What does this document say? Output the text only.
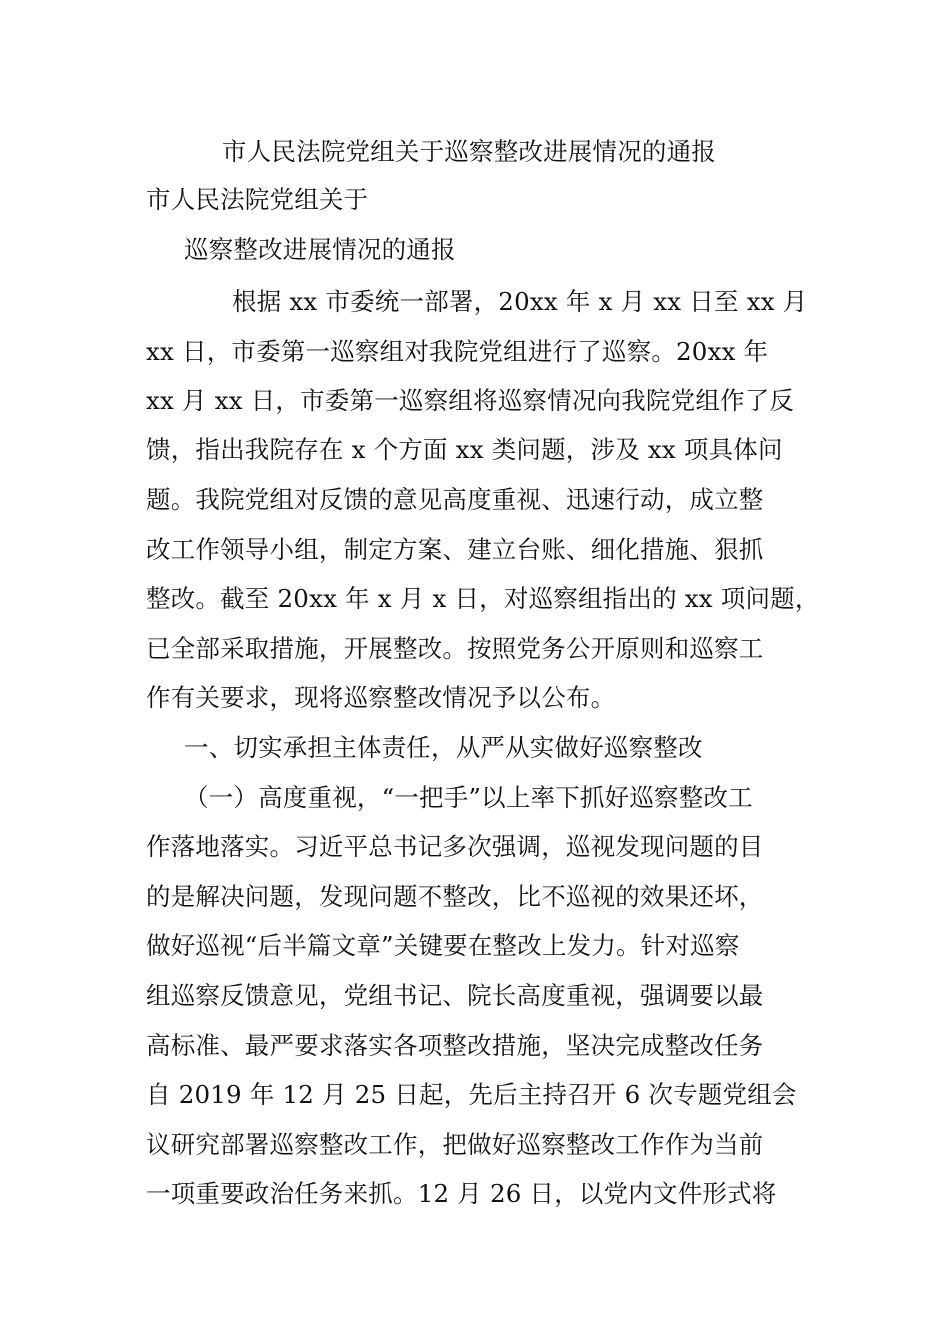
市人民法院党组关于巡察整改进展情况的通报
市人民法院党组关于
巡察整改进展情况的通报
根据 xx 市委统一部署，20xx 年 x 月 xx 日至 xx 月
xx 日，市委第一巡察组对我院党组进行了巡察。20xx 年
xx 月 xx 日，市委第一巡察组将巡察情况向我院党组作了反
馈，指出我院存在 x 个方面 xx 类问题，涉及 xx 项具体问
题。我院党组对反馈的意见高度重视、迅速行动，成立整
改工作领导小组，制定方案、建立台账、细化措施、狠抓
整改。截至 20xx 年 x 月 x 日，对巡察组指出的 xx 项问题，
已全部采取措施，开展整改。按照党务公开原则和巡察工
作有关要求，现将巡察整改情况予以公布。
一、切实承担主体责任，从严从实做好巡察整改
（一）高度重视，“一把手”以上率下抓好巡察整改工
作落地落实。习近平总书记多次强调，巡视发现问题的目
的是解决问题，发现问题不整改，比不巡视的效果还坏，
做好巡视“后半篇文章”关键要在整改上发力。针对巡察
组巡察反馈意见，党组书记、院长高度重视，强调要以最
高标准、最严要求落实各项整改措施，坚决完成整改任务
自 2019 年 12 月 25 日起，先后主持召开 6 次专题党组会
议研究部署巡察整改工作，把做好巡察整改工作作为当前
一项重要政治任务来抓。12 月 26 日，以党内文件形式将
